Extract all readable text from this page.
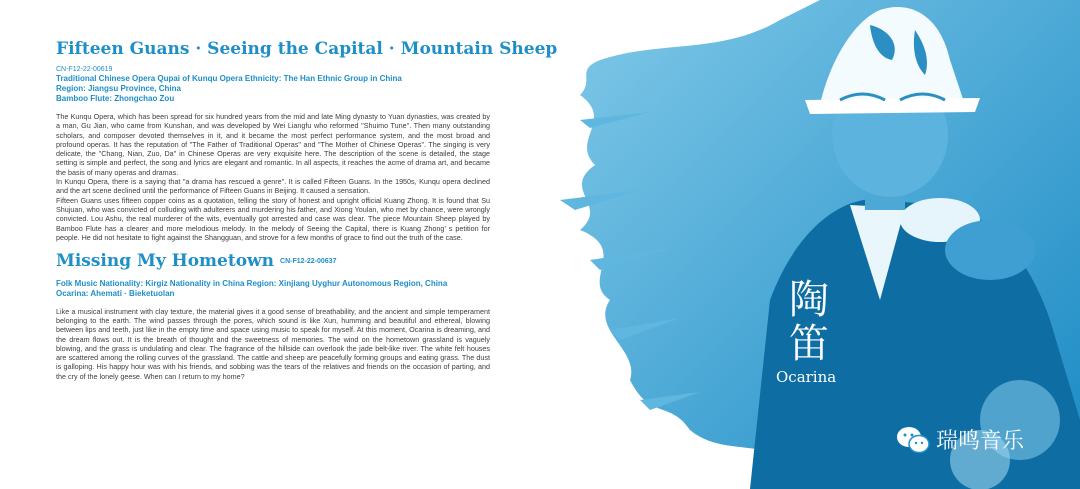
Fifteen Guans · Seeing the Capital · Mountain Sheep
CN-F12-22-00619
Traditional Chinese Opera Qupai of Kunqu Opera Ethnicity: The Han Ethnic Group in China
Region: Jiangsu Province, China
Bamboo Flute: Zhongchao Zou

The Kunqu Opera, which has been spread for six hundred years from the mid and late Ming dynasty to Yuan dynasties, was created by a man, Gu Jian, who came from Kunshan, and was developed by Wei Liangfu who reformed "Shuimo Tune". Then many outstanding scholars, and composer devoted themselves in it, and it became the most perfect performance system, and the most broad and profound operas. It has the reputation of "The Father of Traditional Operas" and "The Mother of Chinese Operas". The singing is very delicate, the "Chang, Nian, Zuo, Da" in Chinese Operas are very exquisite here. The description of the scene is detailed, the stage setting is simple and perfect, the song and lyrics are elegant and romantic. In all aspects, it reaches the acme of drama art, and became the basis of many operas and dramas.

In Kunqu Opera, there is a saying that "a drama has rescued a genre". It is called Fifteen Guans. In the 1950s, Kunqu opera declined and the art scene declined until the performance of Fifteen Guans in Beijing. It caused a sensation.

Fifteen Guans uses fifteen copper coins as a quotation, telling the story of honest and upright official Kuang Zhong. It is found that Su Shujuan, who was convicted of colluding with adulterers and murdering his father, and Xiong Youlan, who met by chance, were wrongly convicted. Lou Ashu, the real murderer of the wits, eventually got arrested and case was clear. The piece Mountain Sheep played by Bamboo Flute has a clearer and more melodious melody. In the melody of Seeing the Capital, there is Kuang Zhong’ s petition for people. He did not hesitate to fight against the Shangguan, and strove for a few months of grace to find out the truth of the case.

Missing My Hometown CN-F12-22-00637
Folk Music Nationality: Kirgiz Nationality in China Region: Xinjiang Uyghur Autonomous Region, China
Ocarina: Ahemati · Bieketuolan

Like a musical instrument with clay texture, the material gives it a good sense of breathability, and the ancient and simple temperament belonging to the earth. The wind passes through the pores, which sound is like Xun, humming and beautiful and ethereal, blowing between lips and teeth, just like in the empty time and space using music to speak for myself. At this moment, Ocarina is dreaming, and the dream flows out. It is the breath of thought and the sweetness of memories. The wind on the hometown grassland is vaguely blowing, and the grass is undulating and clear. The fragrance of the hillside can overlook the jade belt-like river. The white felt houses are scattered among the rolling curves of the grassland. The cattle and sheep are peacefully forming groups and eating grass. The dust is galloping. His happy hour was with his friends, and sobbing was the tears of the relatives and friends on the occasion of parting, and the cry of the lonely geese. When can I return to my home?

陶笛
Ocarina
瑞鸣音乐
